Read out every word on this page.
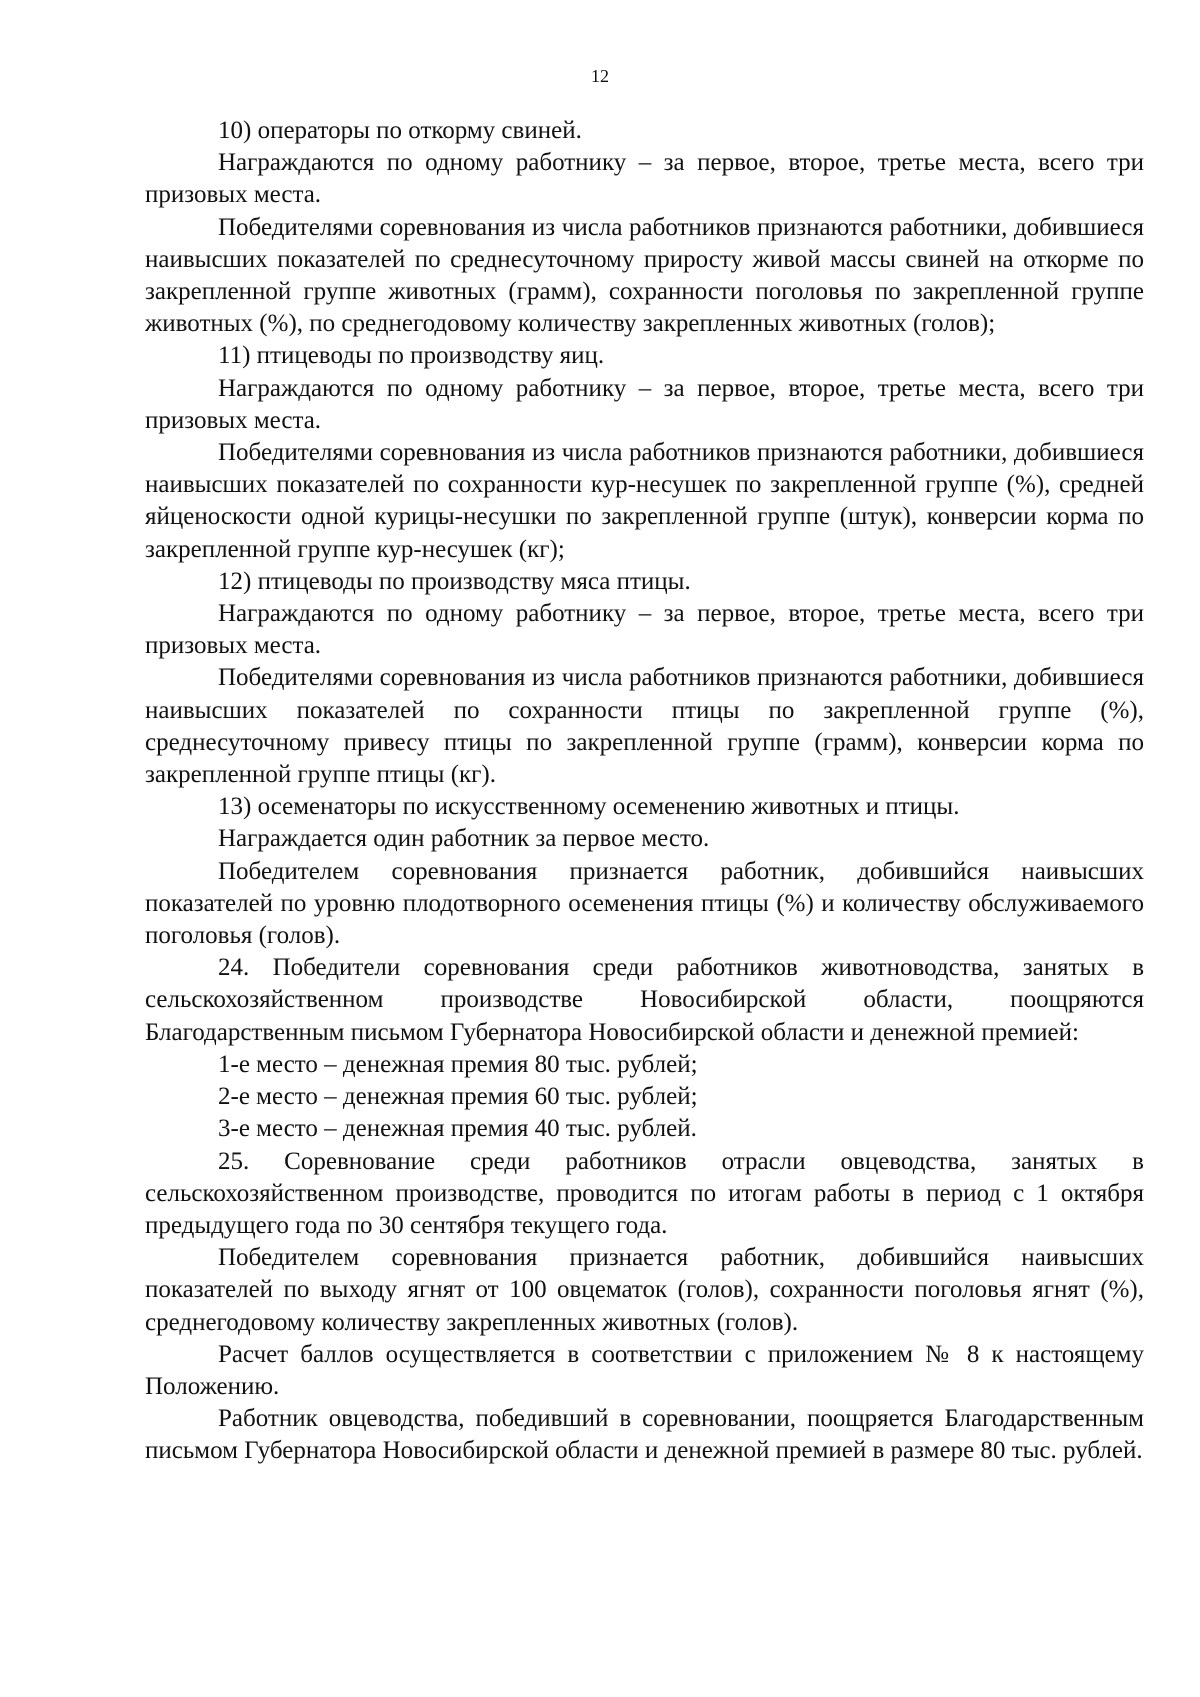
12

10) операторы по откорму свиней.

Награждаются по одному работнику – за первое, второе, третье места, всего три призовых места.

Победителями соревнования из числа работников признаются работники, добившиеся наивысших показателей по среднесуточному приросту живой массы свиней на откорме по закрепленной группе животных (грамм), сохранности поголовья по закрепленной группе животных (%), по среднегодовому количеству закрепленных животных (голов);

11) птицеводы по производству яиц.

Награждаются по одному работнику – за первое, второе, третье места, всего три призовых места.

Победителями соревнования из числа работников признаются работники, добившиеся наивысших показателей по сохранности кур-несушек по закрепленной группе (%), средней яйценоскости одной курицы-несушки по закрепленной группе (штук), конверсии корма по закрепленной группе кур-несушек (кг);

12) птицеводы по производству мяса птицы.

Награждаются по одному работнику – за первое, второе, третье места, всего три призовых места.

Победителями соревнования из числа работников признаются работники, добившиеся наивысших показателей по сохранности птицы по закрепленной группе (%), среднесуточному привесу птицы по закрепленной группе (грамм), конверсии корма по закрепленной группе птицы (кг).

13) осеменаторы по искусственному осеменению животных и птицы.

Награждается один работник за первое место.

Победителем соревнования признается работник, добившийся наивысших показателей по уровню плодотворного осеменения птицы (%) и количеству обслуживаемого поголовья (голов).

24. Победители соревнования среди работников животноводства, занятых в сельскохозяйственном производстве Новосибирской области, поощряются Благодарственным письмом Губернатора Новосибирской области и денежной премией:

1-е место – денежная премия 80 тыс. рублей;

2-е место – денежная премия 60 тыс. рублей;

3-е место – денежная премия 40 тыс. рублей.

25. Соревнование среди работников отрасли овцеводства, занятых в сельскохозяйственном производстве, проводится по итогам работы в период с 1 октября предыдущего года по 30 сентября текущего года.

Победителем соревнования признается работник, добившийся наивысших показателей по выходу ягнят от 100 овцематок (голов), сохранности поголовья ягнят (%), среднегодовому количеству закрепленных животных (голов).

Расчет баллов осуществляется в соответствии с приложением № 8 к настоящему Положению.

Работник овцеводства, победивший в соревновании, поощряется Благодарственным письмом Губернатора Новосибирской области и денежной премией в размере 80 тыс. рублей.
